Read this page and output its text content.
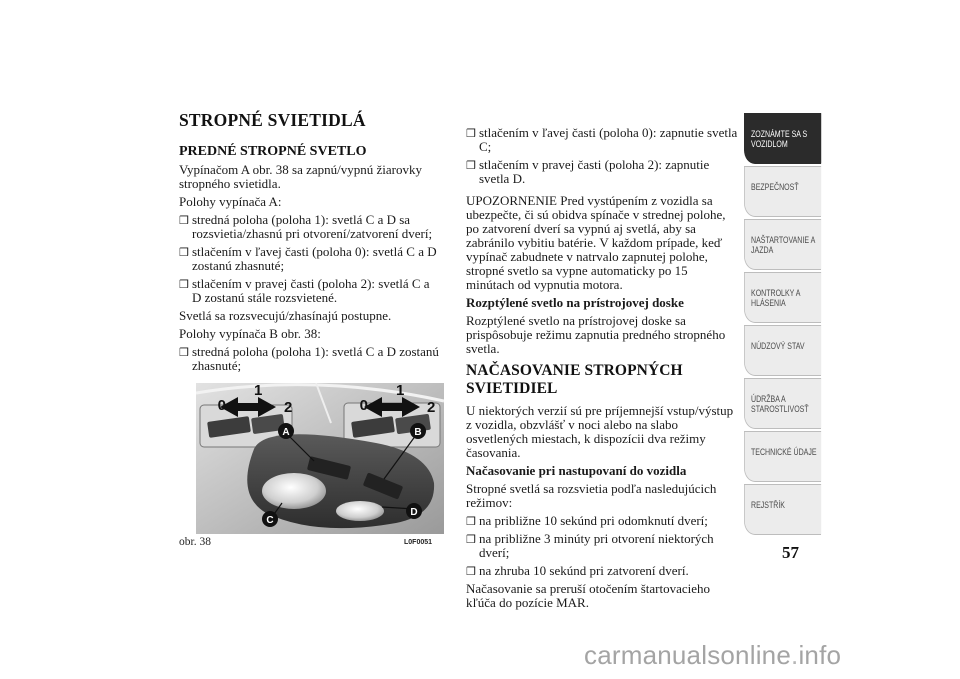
STROPNÉ SVIETIDLÁ
PREDNÉ STROPNÉ SVETLO
Vypínačom A obr. 38 sa zapnú/vypnú žiarovky stropného svietidla.
Polohy vypínača A:
❒ stredná poloha (poloha 1): svetlá C a D sa rozsvietia/zhasnú pri otvorení/zatvorení dverí;
❒ stlačením v ľavej časti (poloha 0): svetlá C a D zostanú zhasnuté;
❒ stlačením v pravej časti (poloha 2): svetlá C a D zostanú stále rozsvietené.
Svetlá sa rozsvecujú/zhasínajú postupne.
Polohy vypínača B obr. 38:
❒ stredná poloha (poloha 1): svetlá C a D zostanú zhasnuté;
1
0	2
1
0	2
A	B
C
D
obr. 38	L0F0051
❒ stlačením v ľavej časti (poloha 0): zapnutie svetla C;
❒ stlačením v pravej časti (poloha 2): zapnutie svetla D.
UPOZORNENIE Pred vystúpením z vozidla sa ubezpečte, či sú obidva spínače v strednej polohe, po zatvorení dverí sa vypnú aj svetlá, aby sa zabránilo vybitiu batérie. V každom prípade, keď vypínač zabudnete v natrvalo zapnutej polohe, stropné svetlo sa vypne automaticky po 15 minútach od vypnutia motora.
Rozptýlené svetlo na prístrojovej doske
Rozptýlené svetlo na prístrojovej doske sa prispôsobuje režimu zapnutia predného stropného svetla.
NAČASOVANIE STROPNÝCH SVIETIDIEL
U niektorých verzií sú pre príjemnejší vstup/výstup z vozidla, obzvlášť v noci alebo na slabo osvetlených miestach, k dispozícii dva režimy časovania.
Načasovanie pri nastupovaní do vozidla
Stropné svetlá sa rozsvietia podľa nasledujúcich režimov:
❒ na približne 10 sekúnd pri odomknutí dverí;
❒ na približne 3 minúty pri otvorení niektorých dverí;
❒ na zhruba 10 sekúnd pri zatvorení dverí.
Načasovanie sa preruší otočením štartovacieho kľúča do pozície MAR.
ZOZNÁMTE SA S VOZIDLOM
BEZPEČNOSŤ
NAŠTARTOVANIE A JAZDA
KONTROLKY A HLÁSENIA
NÚDZOVÝ STAV
ÚDRŽBA A STAROSTLIVOSŤ
TECHNICKÉ ÚDAJE
REJSTŘÍK
57
carmanualsonline.info
